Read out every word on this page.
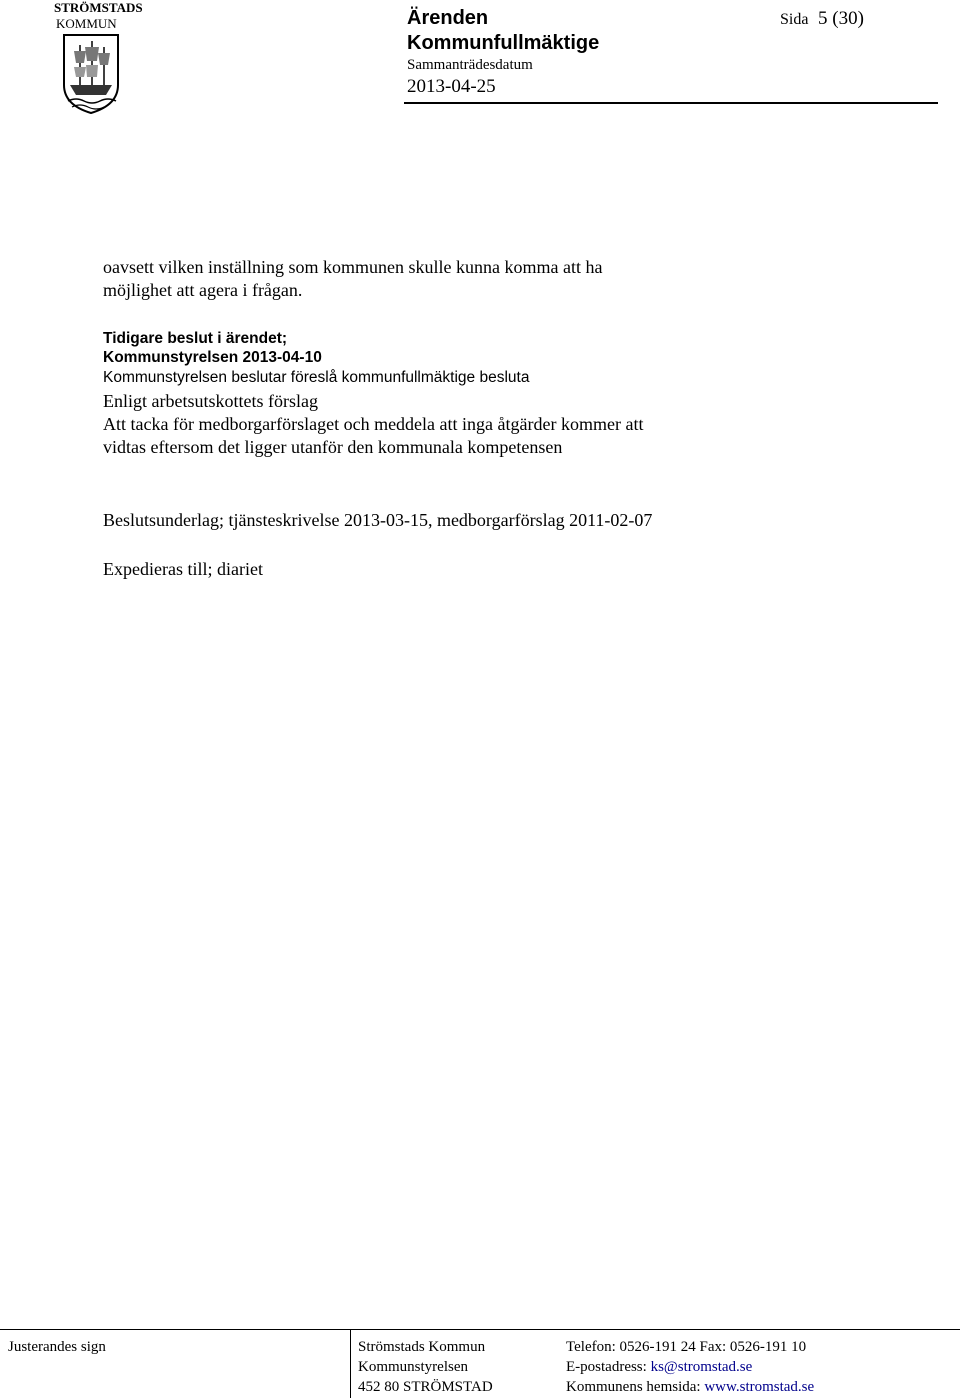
STRÖMSTADS
KOMMUN	Ärenden
Kommunfullmäktige
Sammanträdesdatum
2013-04-25
Sida 5 (30)
oavsett vilken inställning som kommunen skulle kunna komma att ha
möjlighet att agera i frågan.
Tidigare beslut i ärendet;
Kommunstyrelsen 2013-04-10
Kommunstyrelsen beslutar föreslå kommunfullmäktige besluta
Enligt arbetsutskottets förslag
Att tacka för medborgarförslaget och meddela att inga åtgärder kommer att
vidtas eftersom det ligger utanför den kommunala kompetensen
Beslutsunderlag; tjänsteskrivelse 2013-03-15, medborgarförslag 2011-02-07
Expedieras till; diariet
Justerandes sign	Strömstads Kommun
Kommunstyrelsen
452 80 STRÖMSTAD
Telefon: 0526-191 24 Fax: 0526-191 10
E-postadress: ks@stromstad.se
Kommunens hemsida: www.stromstad.se
